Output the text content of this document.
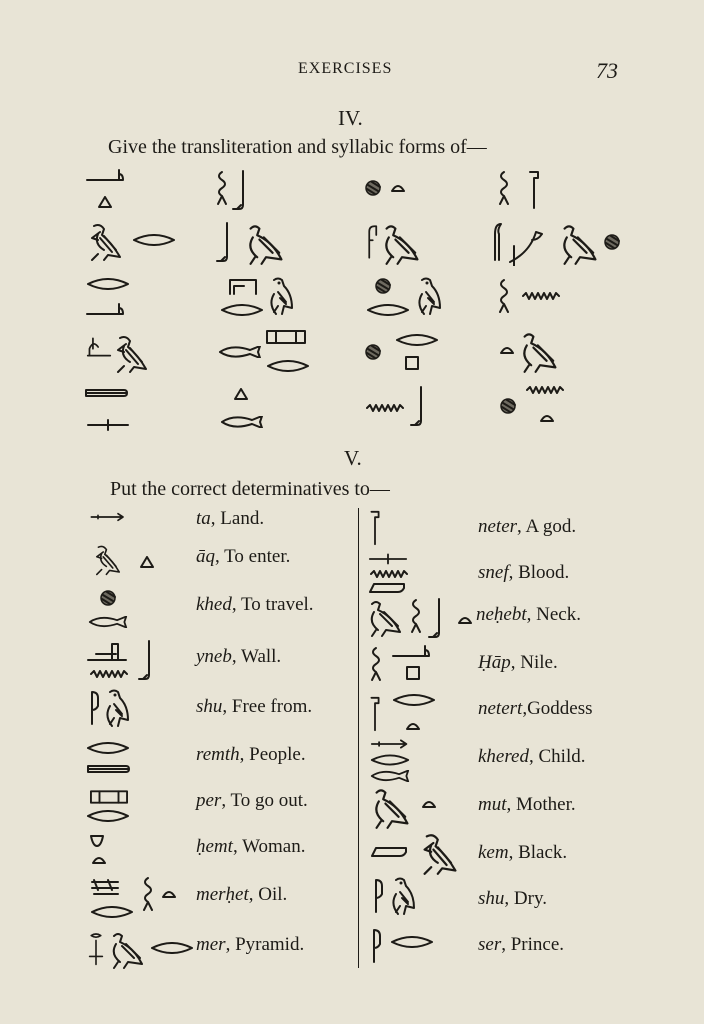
EXERCISES	73
IV.
Give the transliteration and syllabic forms of—
V.
Put the correct determinatives to—
ta, Land.
āq, To enter.
khed, To travel.
yneb, Wall.
shu, Free from.
remth, People.
per, To go out.
ḥemt, Woman.
merḥet, Oil.
mer, Pyramid.
neter, A god.
snef, Blood.
neḥebt, Neck.
Ḥāp, Nile.
netert,Goddess
khered, Child.
mut, Mother.
kem, Black.
shu, Dry.
ser, Prince.
